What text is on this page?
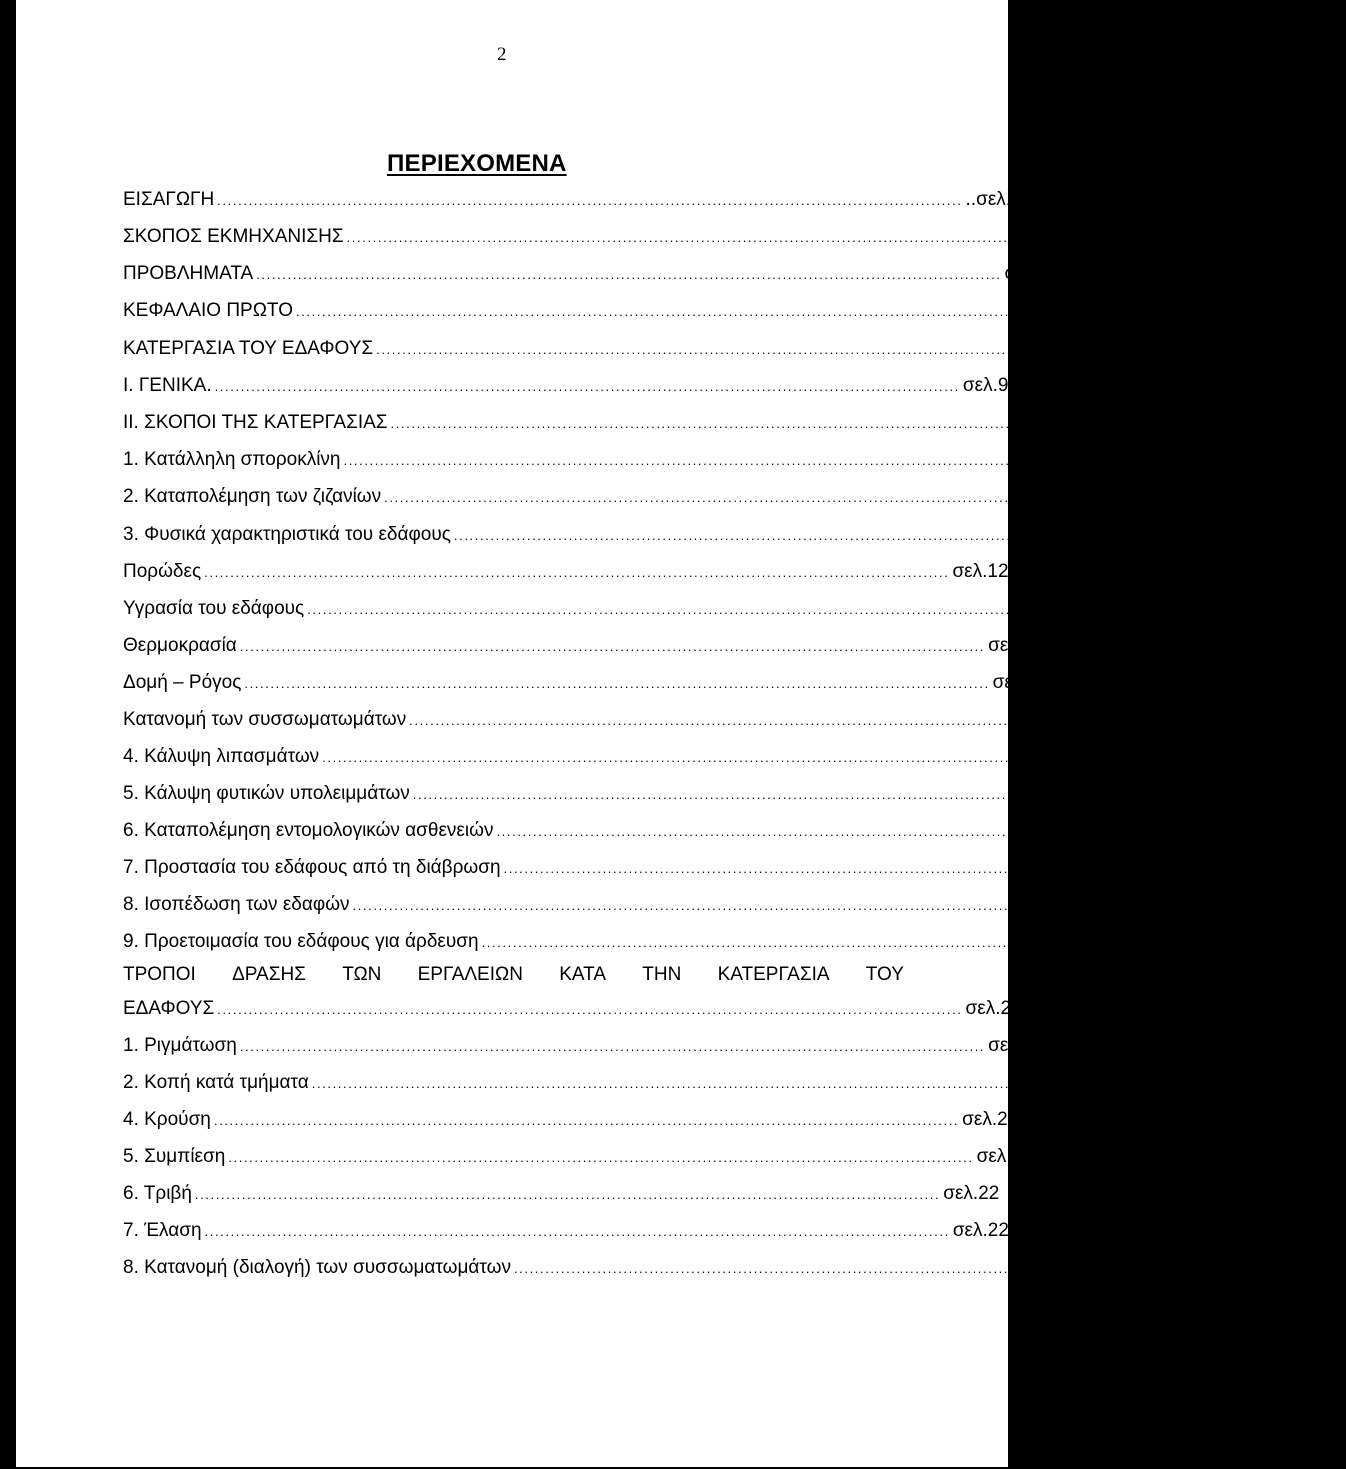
2
ΠΕΡΙΕΧΟΜΕΝΑ
ΕΙΣΑΓΩΓΗ ............................................................................................................................................... ..σελ.6
ΣΚΟΠΟΣ ΕΚΜΗΧΑΝΙΣΗΣ ............................................................................................................................................... σελ.7
ΠΡΟΒΛΗΜΑΤΑ ............................................................................................................................................... σελ.8
ΚΕΦΑΛΑΙΟ ΠΡΩΤΟ ............................................................................................................................................... σελ.9
ΚΑΤΕΡΓΑΣΙΑ ΤΟΥ ΕΔΑΦΟΥΣ ............................................................................................................................................... σελ.9
Ι. ΓΕΝΙΚΑ. ............................................................................................................................................... σελ.9
ΙΙ. ΣΚΟΠΟΙ ΤΗΣ ΚΑΤΕΡΓΑΣΙΑΣ ............................................................................................................................................... σελ.10
1. Κατάλληλη σποροκλίνη ............................................................................................................................................... σελ.10-11
2. Καταπολέμηση των ζιζανίων ............................................................................................................................................... σελ.11-12
3. Φυσικά χαρακτηριστικά του εδάφους ............................................................................................................................................... σελ.12
Πορώδες ............................................................................................................................................... σελ.12-13
Υγρασία του εδάφους ............................................................................................................................................... σελ.13-14
Θερμοκρασία ............................................................................................................................................... σελ.14-15
Δομή – Ρόγος ............................................................................................................................................... σελ.15
Κατανομή των συσσωματωμάτων ............................................................................................................................................... σελ.15-16
4. Κάλυψη λιπασμάτων ............................................................................................................................................... σελ.16
5. Κάλυψη φυτικών υπολειμμάτων ............................................................................................................................................... σελ.16-17
6. Καταπολέμηση εντομολογικών ασθενειών ............................................................................................................................................... σελ.17-18
7. Προστασία του εδάφους από τη διάβρωση ............................................................................................................................................... σελ.18
8. Ισοπέδωση των εδαφών ............................................................................................................................................... σελ.18-19
9. Προετοιμασία του εδάφους για άρδευση ............................................................................................................................................... σελ.19
ΕΔΑΦΟΥΣ ............................................................................................................................................... σελ.20
1. Ριγμάτωση ............................................................................................................................................... σελ.20
2. Κοπή κατά τμήματα ............................................................................................................................................... σελ.20-21
4. Κρούση ............................................................................................................................................... σελ.21-22
5. Συμπίεση ............................................................................................................................................... σελ.22
6. Τριβή ............................................................................................................................................... σελ.22
7. Έλαση ............................................................................................................................................... σελ.22
8. Κατανομή (διαλογή) των συσσωματωμάτων ............................................................................................................................................... σελ.22-23
ΤΡΟΠΟΙ ΔΡΑΣΗΣ ΤΩΝ ΕΡΓΑΛΕΙΩΝ ΚΑΤΑ ΤΗΝ ΚΑΤΕΡΓΑΣΙΑ ΤΟΥ
